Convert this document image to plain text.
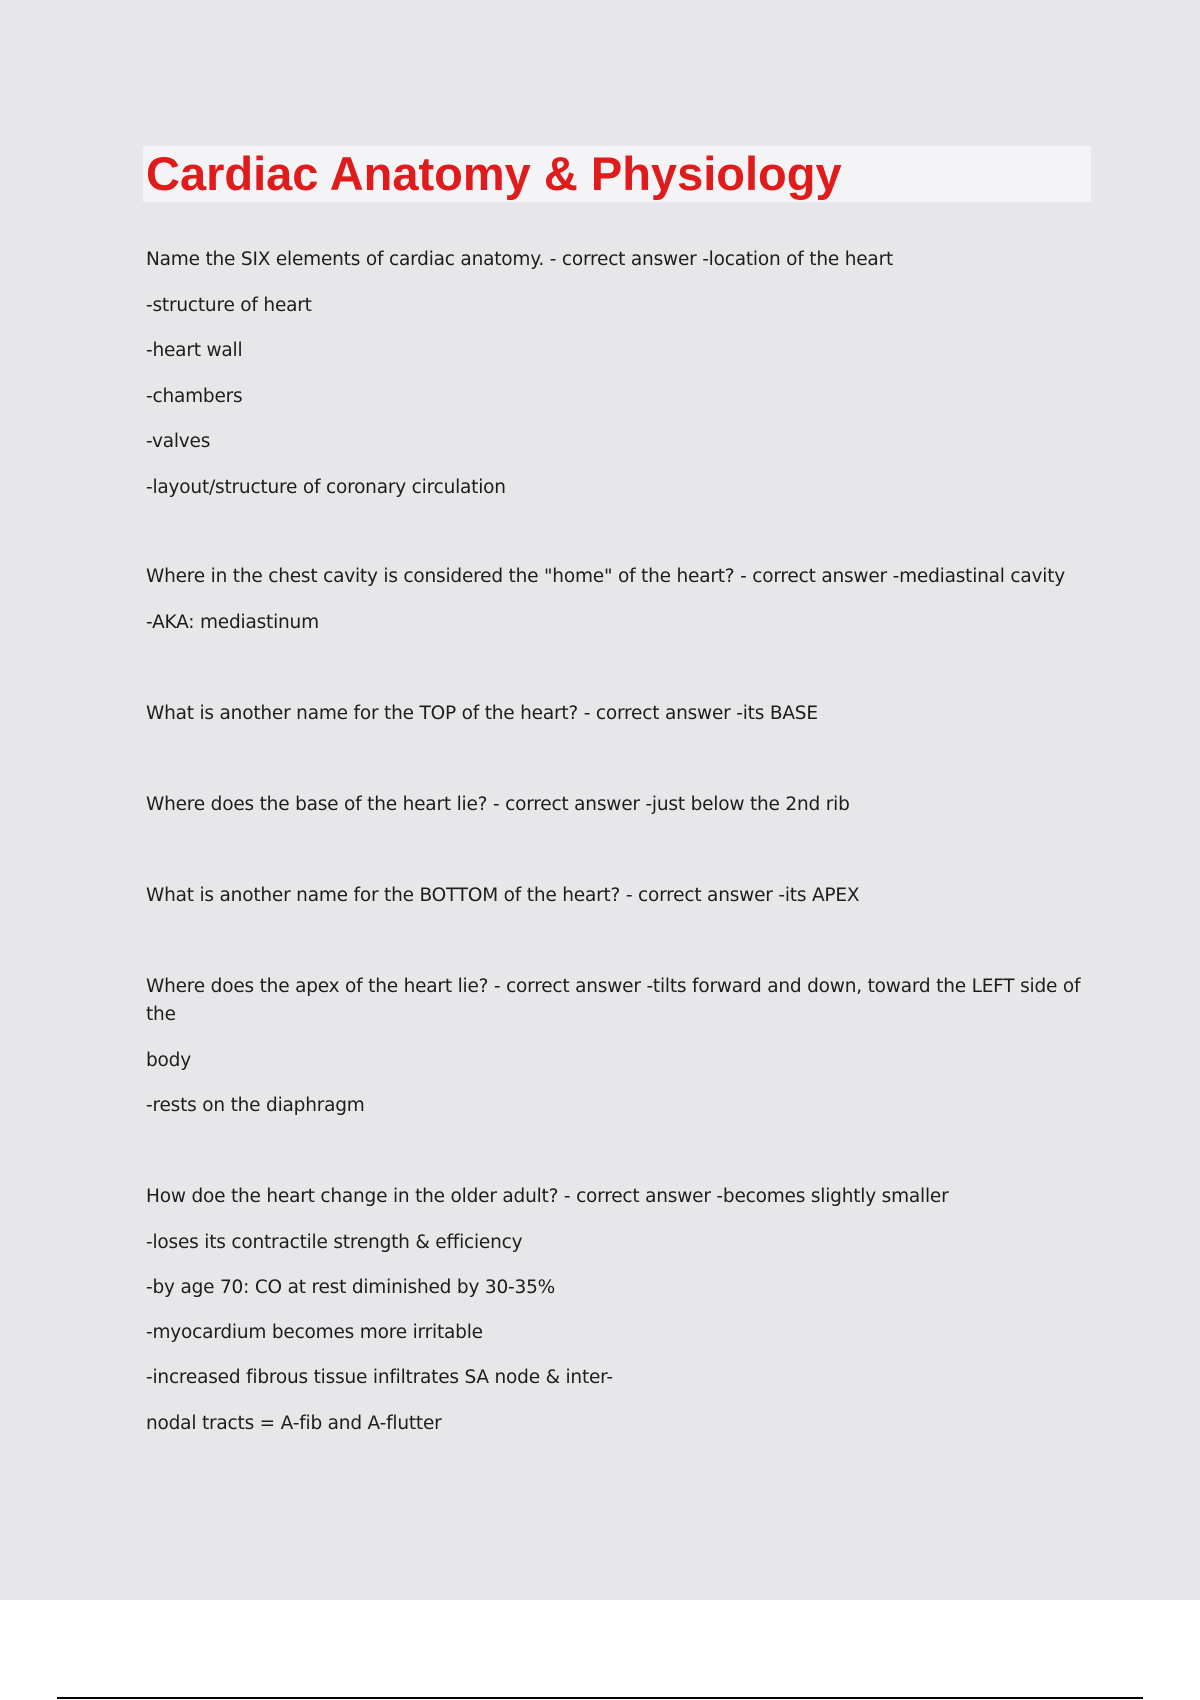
Cardiac Anatomy & Physiology

Name the SIX elements of cardiac anatomy. - correct answer -location of the heart

-structure of heart

-heart wall

-chambers

-valves

-layout/structure of coronary circulation

Where in the chest cavity is considered the "home" of the heart? - correct answer -mediastinal cavity

-AKA: mediastinum

What is another name for the TOP of the heart? - correct answer -its BASE

Where does the base of the heart lie? - correct answer -just below the 2nd rib

What is another name for the BOTTOM of the heart? - correct answer -its APEX

Where does the apex of the heart lie? - correct answer -tilts forward and down, toward the LEFT side of

the

body

-rests on the diaphragm

How doe the heart change in the older adult? - correct answer -becomes slightly smaller

-loses its contractile strength & efficiency

-by age 70: CO at rest diminished by 30-35%

-myocardium becomes more irritable

-increased fibrous tissue infiltrates SA node & inter-

nodal tracts = A-fib and A-flutter
